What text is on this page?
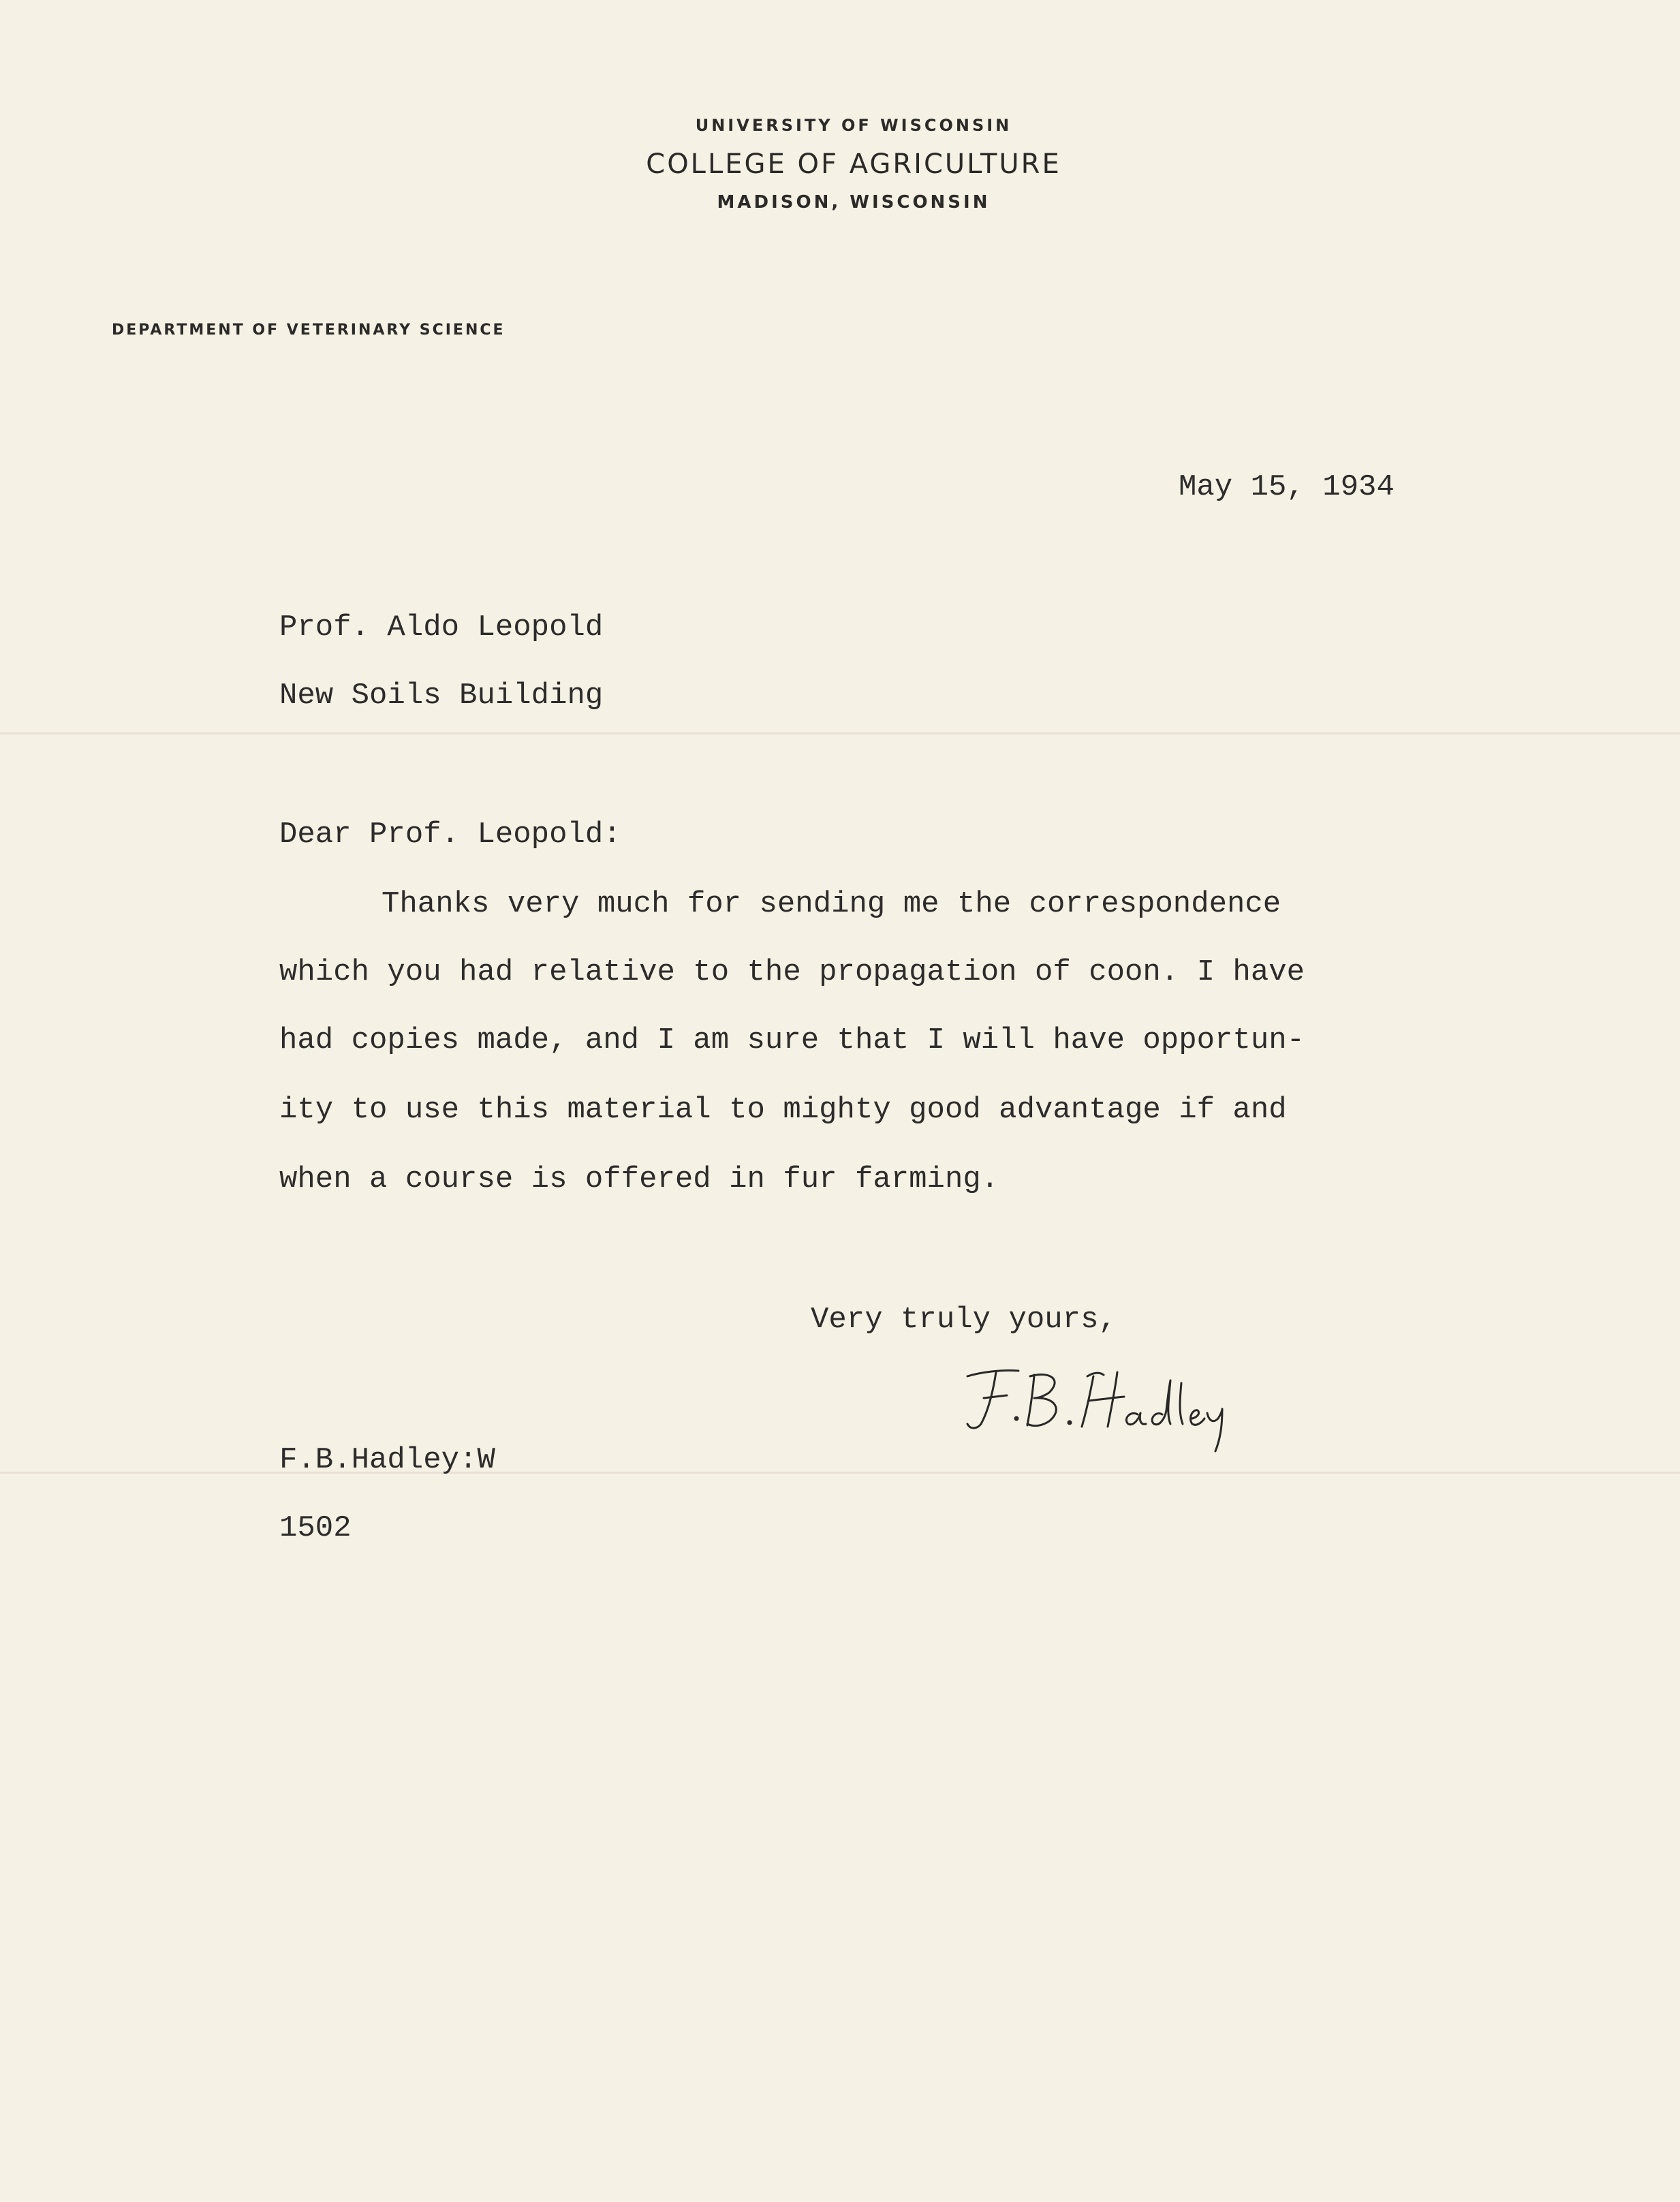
UNIVERSITY OF WISCONSIN
COLLEGE OF AGRICULTURE
MADISON, WISCONSIN
DEPARTMENT OF VETERINARY SCIENCE
May 15, 1934
Prof. Aldo Leopold
New Soils Building
Dear Prof. Leopold:
Thanks very much for sending me the correspondence
which you had relative to the propagation of coon. I have
had copies made, and I am sure that I will have opportun-
ity to use this material to mighty good advantage if and
when a course is offered in fur farming.
Very truly yours,
F.B.Hadley:W
1502
